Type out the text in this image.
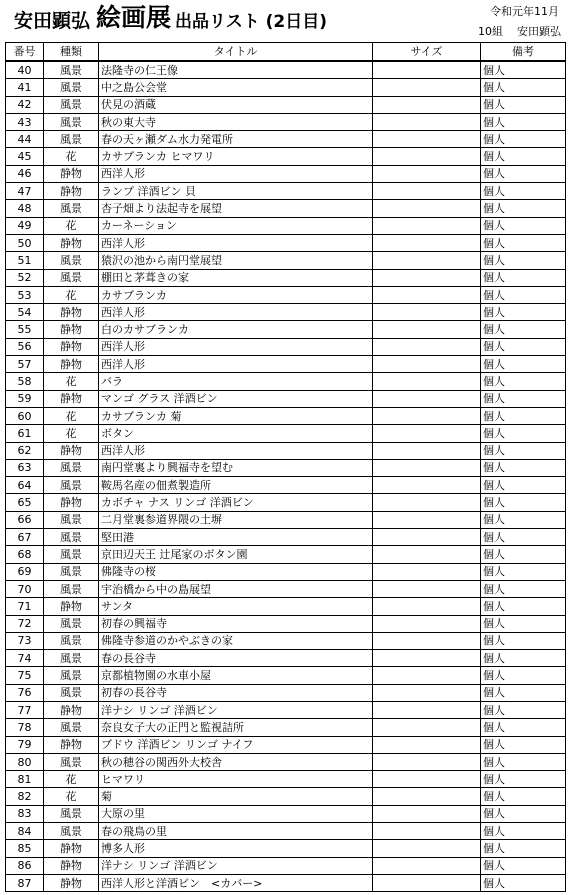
安田顕弘 絵画展 出品リスト (2日目)
令和元年11月
10組 安田顕弘
番号	種類	タイトル	サイズ	備考
40	風景	法隆寺の仁王像		個人
41	風景	中之島公会堂		個人
42	風景	伏見の酒蔵		個人
43	風景	秋の東大寺		個人
44	風景	春の天ヶ瀬ダム水力発電所		個人
45	花	カサブランカ ヒマワリ		個人
46	静物	西洋人形		個人
47	静物	ランプ 洋酒ビン 貝		個人
48	風景	杏子畑より法起寺を展望		個人
49	花	カーネーション		個人
50	静物	西洋人形		個人
51	風景	猿沢の池から南円堂展望		個人
52	風景	棚田と茅葺きの家		個人
53	花	カサブランカ		個人
54	静物	西洋人形		個人
55	静物	白のカサブランカ		個人
56	静物	西洋人形		個人
57	静物	西洋人形		個人
58	花	バラ		個人
59	静物	マンゴ グラス 洋酒ビン		個人
60	花	カサブランカ 菊		個人
61	花	ボタン		個人
62	静物	西洋人形		個人
63	風景	南円堂裏より興福寺を望む		個人
64	風景	鞍馬名産の佃煮製造所		個人
65	静物	カボチャ ナス リンゴ 洋酒ビン		個人
66	風景	二月堂裏参道界隈の土塀		個人
67	風景	堅田港		個人
68	風景	京田辺天王 辻尾家のボタン園		個人
69	風景	佛隆寺の桜		個人
70	風景	宇治橋から中の島展望		個人
71	静物	サンタ		個人
72	風景	初春の興福寺		個人
73	風景	佛隆寺参道のかやぶきの家		個人
74	風景	春の長谷寺		個人
75	風景	京都植物園の水車小屋		個人
76	風景	初春の長谷寺		個人
77	静物	洋ナシ リンゴ 洋酒ビン		個人
78	風景	奈良女子大の正門と監視詰所		個人
79	静物	ブドウ 洋酒ビン リンゴ ナイフ		個人
80	風景	秋の穂谷の関西外大校舎		個人
81	花	ヒマワリ		個人
82	花	菊		個人
83	風景	大原の里		個人
84	風景	春の飛鳥の里		個人
85	静物	博多人形		個人
86	静物	洋ナシ リンゴ 洋酒ビン		個人
87	静物	西洋人形と洋酒ビン　<カバー>		個人
